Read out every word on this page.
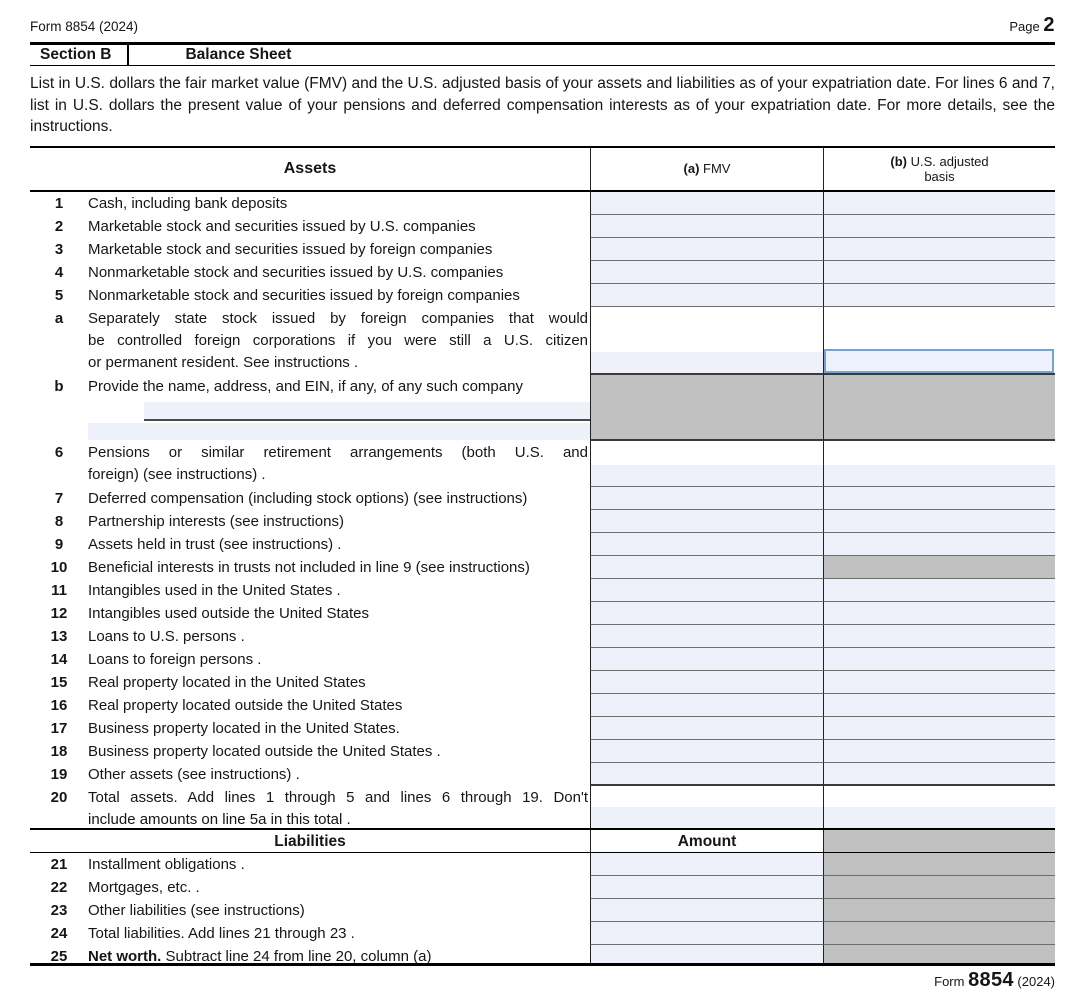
Form 8854 (2024)	Page 2
Section B	Balance Sheet

List in U.S. dollars the fair market value (FMV) and the U.S. adjusted basis of your assets and liabilities as of your expatriation date. For lines 6 and 7, list in U.S. dollars the present value of your pensions and deferred compensation interests as of your expatriation date. For more details, see the instructions.

Assets	(a) FMV	(b) U.S. adjusted basis
1	Cash, including bank deposits
2	Marketable stock and securities issued by U.S. companies
3	Marketable stock and securities issued by foreign companies
4	Nonmarketable stock and securities issued by U.S. companies
5	Nonmarketable stock and securities issued by foreign companies
a	Separately state stock issued by foreign companies that would
be controlled foreign corporations if you were still a U.S. citizen
or permanent resident. See instructions .
b	Provide the name, address, and EIN, if any, of any such company
6	Pensions or similar retirement arrangements (both U.S. and
foreign) (see instructions) .
7	Deferred compensation (including stock options) (see instructions)
8	Partnership interests (see instructions)
9	Assets held in trust (see instructions) .
10	Beneficial interests in trusts not included in line 9 (see instructions)
11	Intangibles used in the United States .
12	Intangibles used outside the United States
13	Loans to U.S. persons .
14	Loans to foreign persons .
15	Real property located in the United States
16	Real property located outside the United States
17	Business property located in the United States.
18	Business property located outside the United States .
19	Other assets (see instructions) .
20	Total assets. Add lines 1 through 5 and lines 6 through 19. Don't
include amounts on line 5a in this total .
Liabilities	Amount
21	Installment obligations .
22	Mortgages, etc. .
23	Other liabilities (see instructions)
24	Total liabilities. Add lines 21 through 23 .
25	Net worth. Subtract line 24 from line 20, column (a)
Form 8854 (2024)
